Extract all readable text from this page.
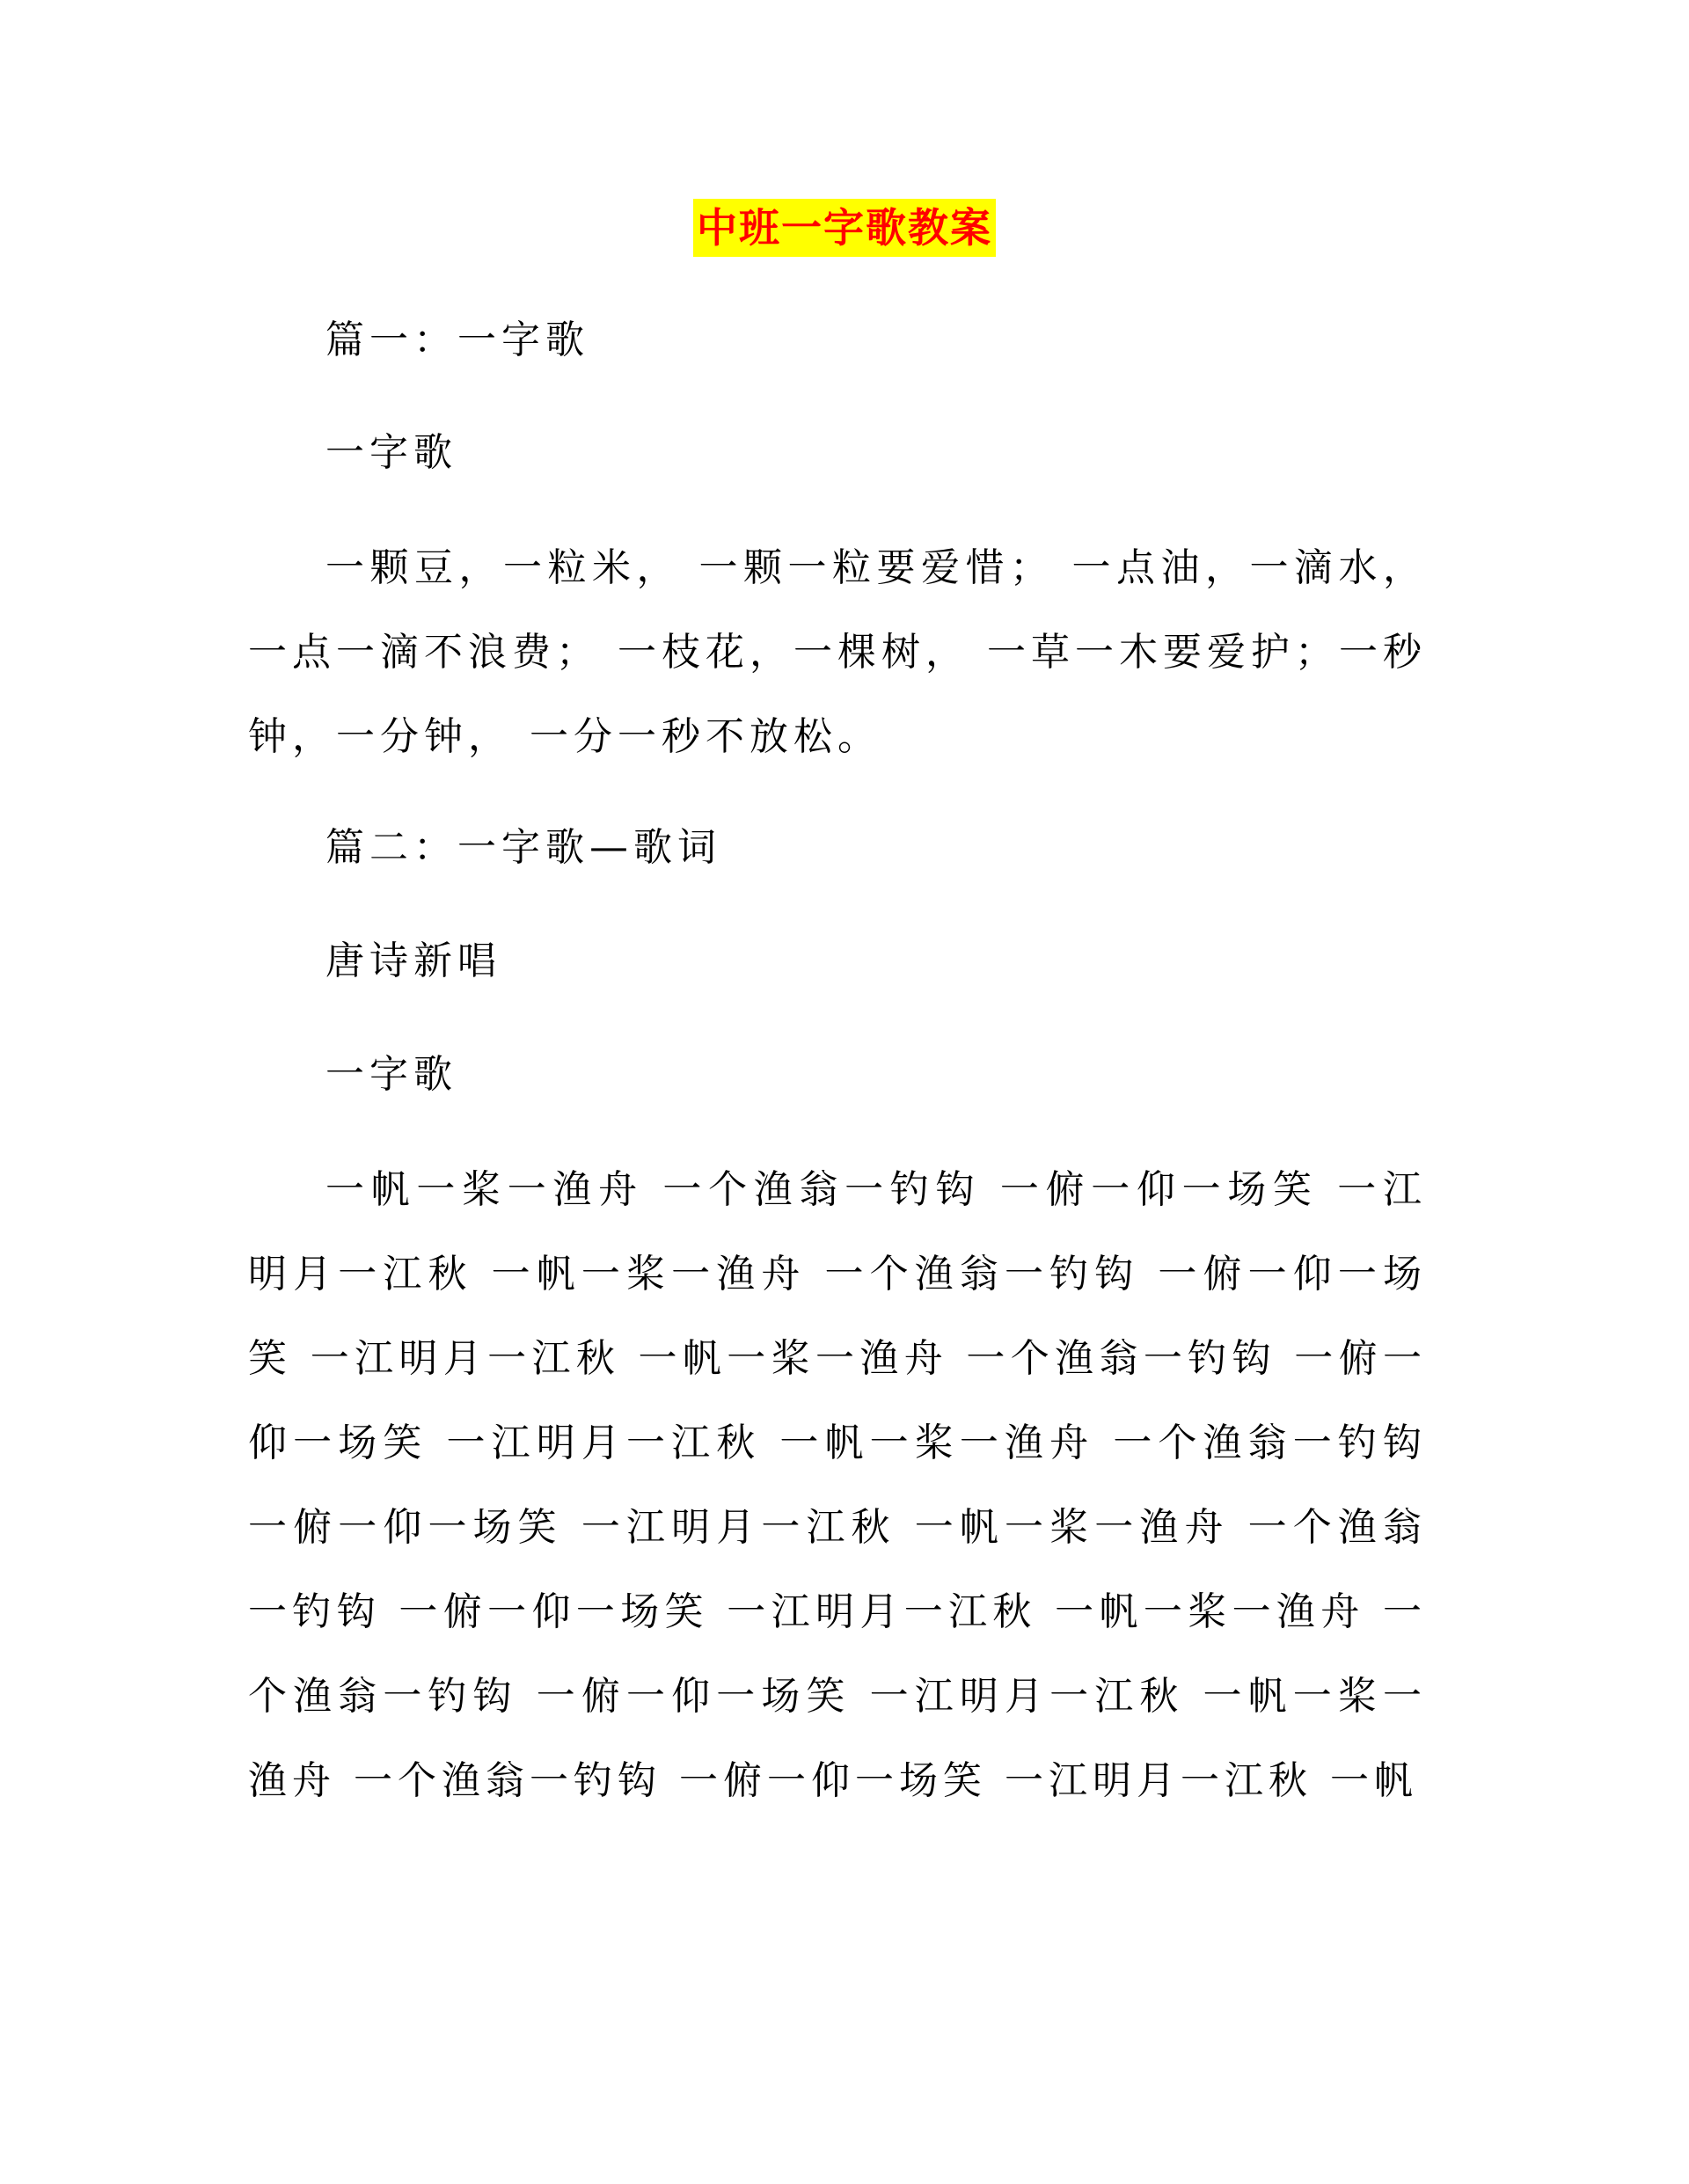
中班一字歌教案
篇一：一字歌
一字歌
一颗豆，一粒米， 一颗一粒要爱惜； 一点油，一滴水，一点一滴不浪费； 一枝花，一棵树， 一草一木要爱护；一秒钟，一分钟， 一分一秒不放松。
篇二：一字歌—歌词
唐诗新唱
一字歌
一帆一桨一渔舟 一个渔翁一钓钩 一俯一仰一场笑 一江明月一江秋 一帆一桨一渔舟 一个渔翁一钓钩 一俯一仰一场笑 一江明月一江秋 一帆一桨一渔舟 一个渔翁一钓钩 一俯一仰一场笑 一江明月一江秋 一帆一桨一渔舟 一个渔翁一钓钩 一俯一仰一场笑 一江明月一江秋 一帆一桨一渔舟 一个渔翁一钓钩 一俯一仰一场笑 一江明月一江秋 一帆一桨一渔舟 一个渔翁一钓钩 一俯一仰一场笑 一江明月一江秋 一帆一桨一渔舟 一个渔翁一钓钩 一俯一仰一场笑 一江明月一江秋 一帆
